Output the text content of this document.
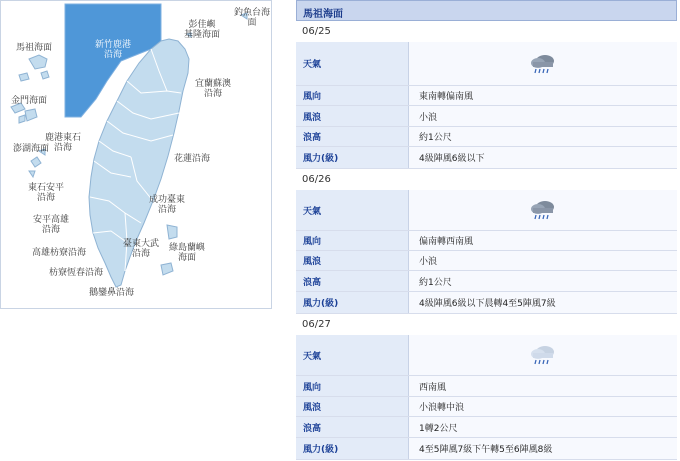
釣魚台海面
彭佳嶼
基隆海面
馬祖海面	新竹鹿港
沿海
宜蘭蘇澳
沿海
金門海面
鹿港東石
沿海
澎湖海面
花蓮沿海
東石安平
沿海	成功臺東
沿海
安平高雄
沿海
臺東大武
沿海
綠島蘭嶼
海面
高雄枋寮沿海
枋寮恆春沿海
鵝鑾鼻沿海
馬祖海面
06/25
天氣
風向	東南轉偏南風
風浪	小浪
浪高	約1公尺
風力(級)	4級陣風6級以下
06/26
天氣
風向	偏南轉西南風
風浪	小浪
浪高	約1公尺
風力(級)	4級陣風6級以下晨轉4至5陣風7級
06/27
天氣
風向	西南風
風浪	小浪轉中浪
浪高	1轉2公尺
風力(級)	4至5陣風7級下午轉5至6陣風8級
